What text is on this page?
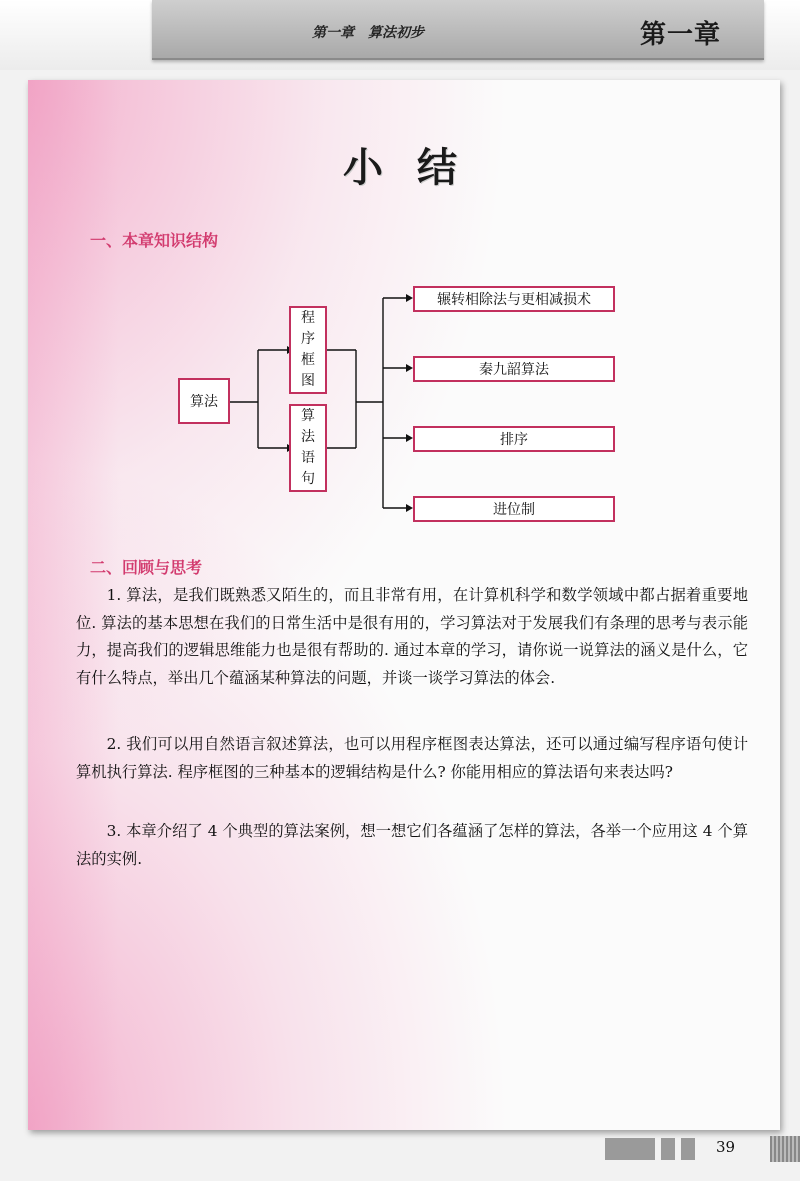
第一章　算法初步	第一章
小结
一、本章知识结构
算法
程
序
框
图
算
法
语
句
辗转相除法与更相减损术
秦九韶算法
排序
进位制
二、回顾与思考

1. 算法，是我们既熟悉又陌生的，而且非常有用，在计算机科学和数学领域中都占据着重要地位. 算法的基本思想在我们的日常生活中是很有用的，学习算法对于发展我们有条理的思考与表示能力，提高我们的逻辑思维能力也是很有帮助的. 通过本章的学习，请你说一说算法的涵义是什么，它有什么特点，举出几个蕴涵某种算法的问题，并谈一谈学习算法的体会.

2. 我们可以用自然语言叙述算法，也可以用程序框图表达算法，还可以通过编写程序语句使计算机执行算法. 程序框图的三种基本的逻辑结构是什么? 你能用相应的算法语句来表达吗?

3. 本章介绍了 4 个典型的算法案例，想一想它们各蕴涵了怎样的算法，各举一个应用这 4 个算法的实例.

39
